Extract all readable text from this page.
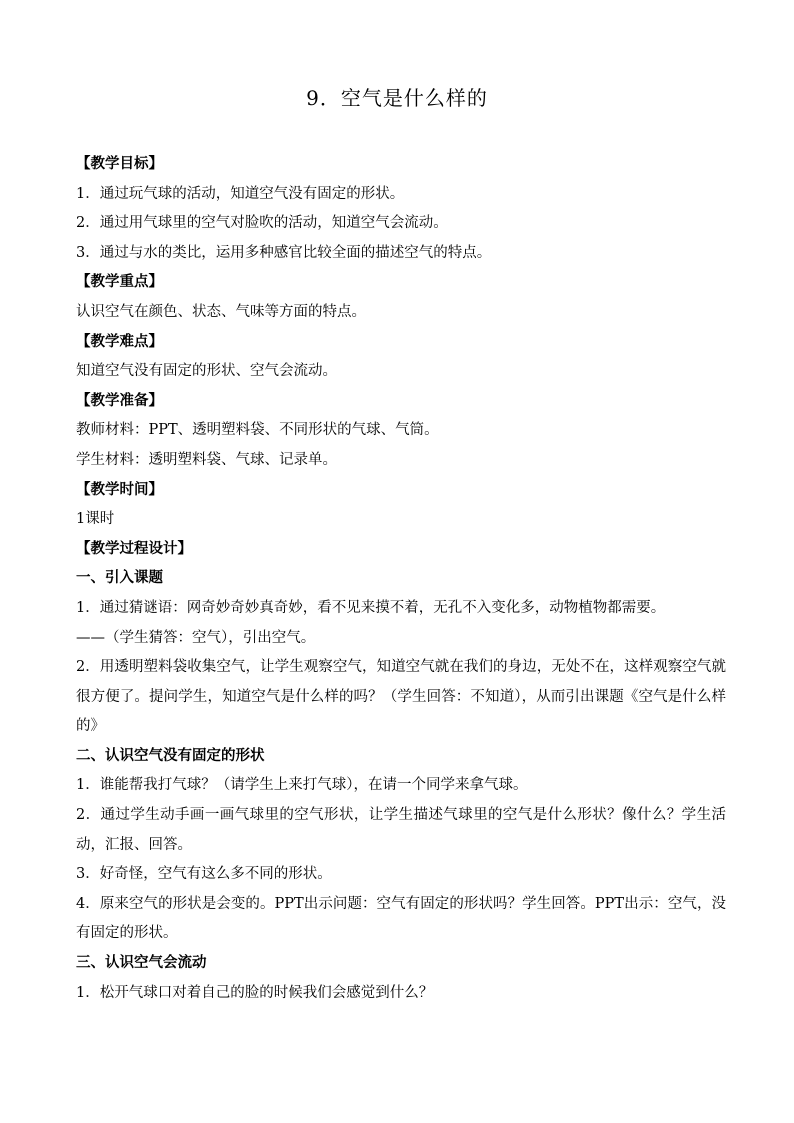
9．空气是什么样的

【教学目标】

1．通过玩气球的活动，知道空气没有固定的形状。

2．通过用气球里的空气对脸吹的活动，知道空气会流动。

3．通过与水的类比，运用多种感官比较全面的描述空气的特点。

【教学重点】

认识空气在颜色、状态、气味等方面的特点。

【教学难点】

知道空气没有固定的形状、空气会流动。

【教学准备】

教师材料：PPT、透明塑料袋、不同形状的气球、气筒。

学生材料：透明塑料袋、气球、记录单。

【教学时间】

1课时

【教学过程设计】

一、引入课题

1．通过猜谜语：网奇妙奇妙真奇妙，看不见来摸不着，无孔不入变化多，动物植物都需要。

——（学生猜答：空气），引出空气。

2．用透明塑料袋收集空气，让学生观察空气，知道空气就在我们的身边，无处不在，这样观察空气就很方便了。提问学生，知道空气是什么样的吗？（学生回答：不知道），从而引出课题《空气是什么样的》

二、认识空气没有固定的形状

1．谁能帮我打气球？（请学生上来打气球），在请一个同学来拿气球。

2．通过学生动手画一画气球里的空气形状，让学生描述气球里的空气是什么形状？像什么？学生活动，汇报、回答。

3．好奇怪，空气有这么多不同的形状。

4．原来空气的形状是会变的。PPT出示问题：空气有固定的形状吗？学生回答。PPT出示：空气，没有固定的形状。

三、认识空气会流动

1．松开气球口对着自己的脸的时候我们会感觉到什么？
